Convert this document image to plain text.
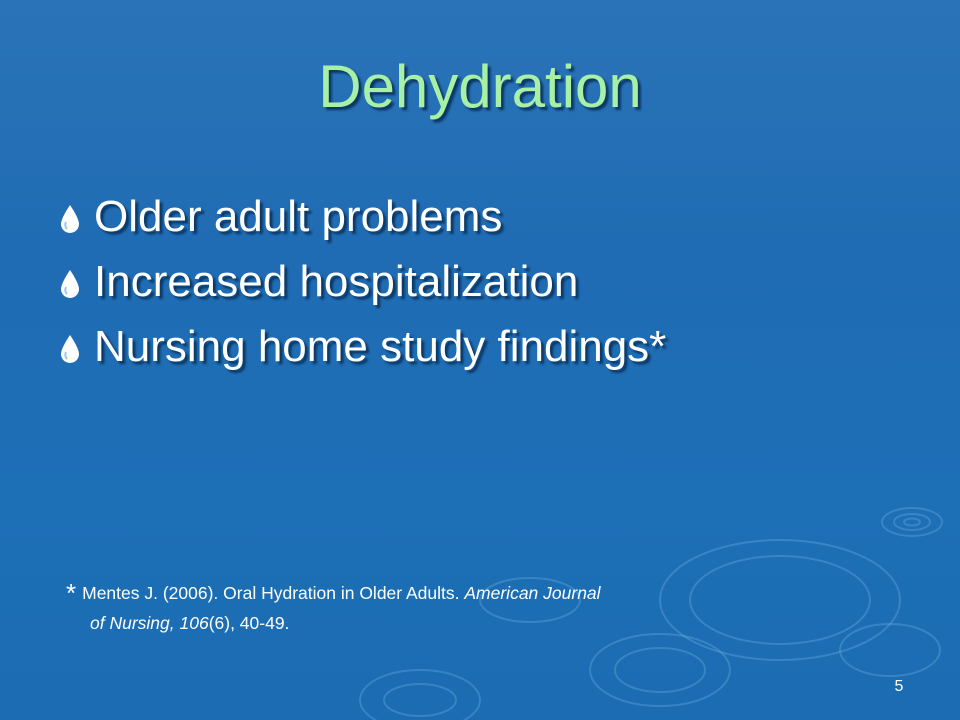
Dehydration
Older adult problems
Increased hospitalization
Nursing home study findings*
* Mentes J. (2006). Oral Hydration in Older Adults. American Journal
of Nursing, 106(6), 40-49.
5
